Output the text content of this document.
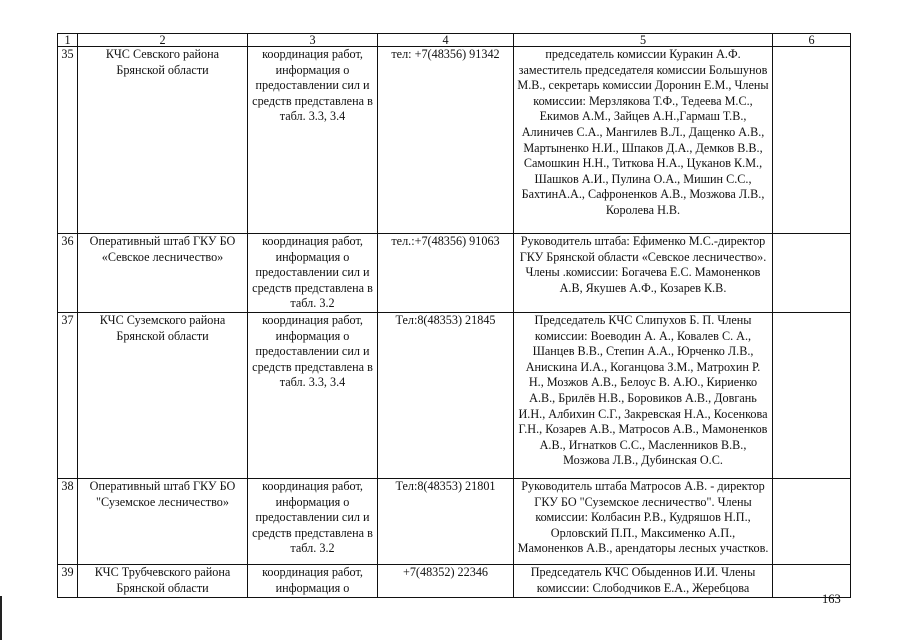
1	2	3	4	5	6
35	КЧС Севского района Брянской области	координация работ, информация о предоставлении сил и средств представлена в табл. 3.3, 3.4	тел: +7(48356) 91342	председатель комиссии Куракин А.Ф. заместитель председателя комиссии Большунов М.В., секретарь комиссии Доронин Е.М., Члены комиссии: Мерзлякова Т.Ф., Тедеева М.С., Екимов А.М., Зайцев А.Н.,Гармаш Т.В., Алиничев С.А., Мангилев В.Л., Дащенко А.В., Мартыненко Н.И., Шпаков Д.А., Демков В.В., Самошкин Н.Н., Титкова Н.А., Цуканов К.М., Шашков А.И., Пулина О.А., Мишин С.С., БахтинА.А., Сафроненков А.В., Мозжова Л.В., Королева Н.В.	
36	Оперативный штаб ГКУ БО «Севское лесничество»	координация работ, информация о предоставлении сил и средств представлена в табл. 3.2	тел.:+7(48356) 91063	Руководитель штаба: Ефименко М.С.-директор ГКУ Брянской области «Севское лесничество». Члены .комиссии: Богачева Е.С. Мамоненков А.В, Якушев А.Ф., Козарев К.В.	
37	КЧС Суземского района Брянской области	координация работ, информация о предоставлении сил и средств представлена в табл. 3.3, 3.4	Тел:8(48353) 21845	Председатель КЧС Слипухов Б. П. Члены комиссии: Воеводин А. А., Ковалев С. А., Шанцев В.В., Степин А.А., Юрченко Л.В., Анискина И.А., Коганцова З.М., Матрохин Р. Н., Мозжов А.В., Белоус В. А.Ю., Кириенко А.В., Брилёв Н.В., Боровиков А.В., Довгань И.Н., Албихин С.Г., Закревская Н.А., Косенкова Г.Н., Козарев А.В., Матросов А.В., Мамоненков А.В., Игнатков С.С., Масленников В.В., Мозжова Л.В., Дубинская О.С.	
38	Оперативный штаб ГКУ БО "Суземское лесничество»	координация работ, информация о предоставлении сил и средств представлена в табл. 3.2	Тел:8(48353) 21801	Руководитель штаба Матросов А.В. - директор ГКУ БО "Суземское лесничество". Члены комиссии: Колбасин Р.В., Кудряшов Н.П., Орловский П.П., Максименко А.П., Мамоненков А.В., арендаторы лесных участков.	
39	КЧС Трубчевского района Брянской области	координация работ, информация о	+7(48352) 22346	Председатель КЧС Обыденнов И.И. Члены комиссии: Слободчиков Е.А., Жеребцова	
163
